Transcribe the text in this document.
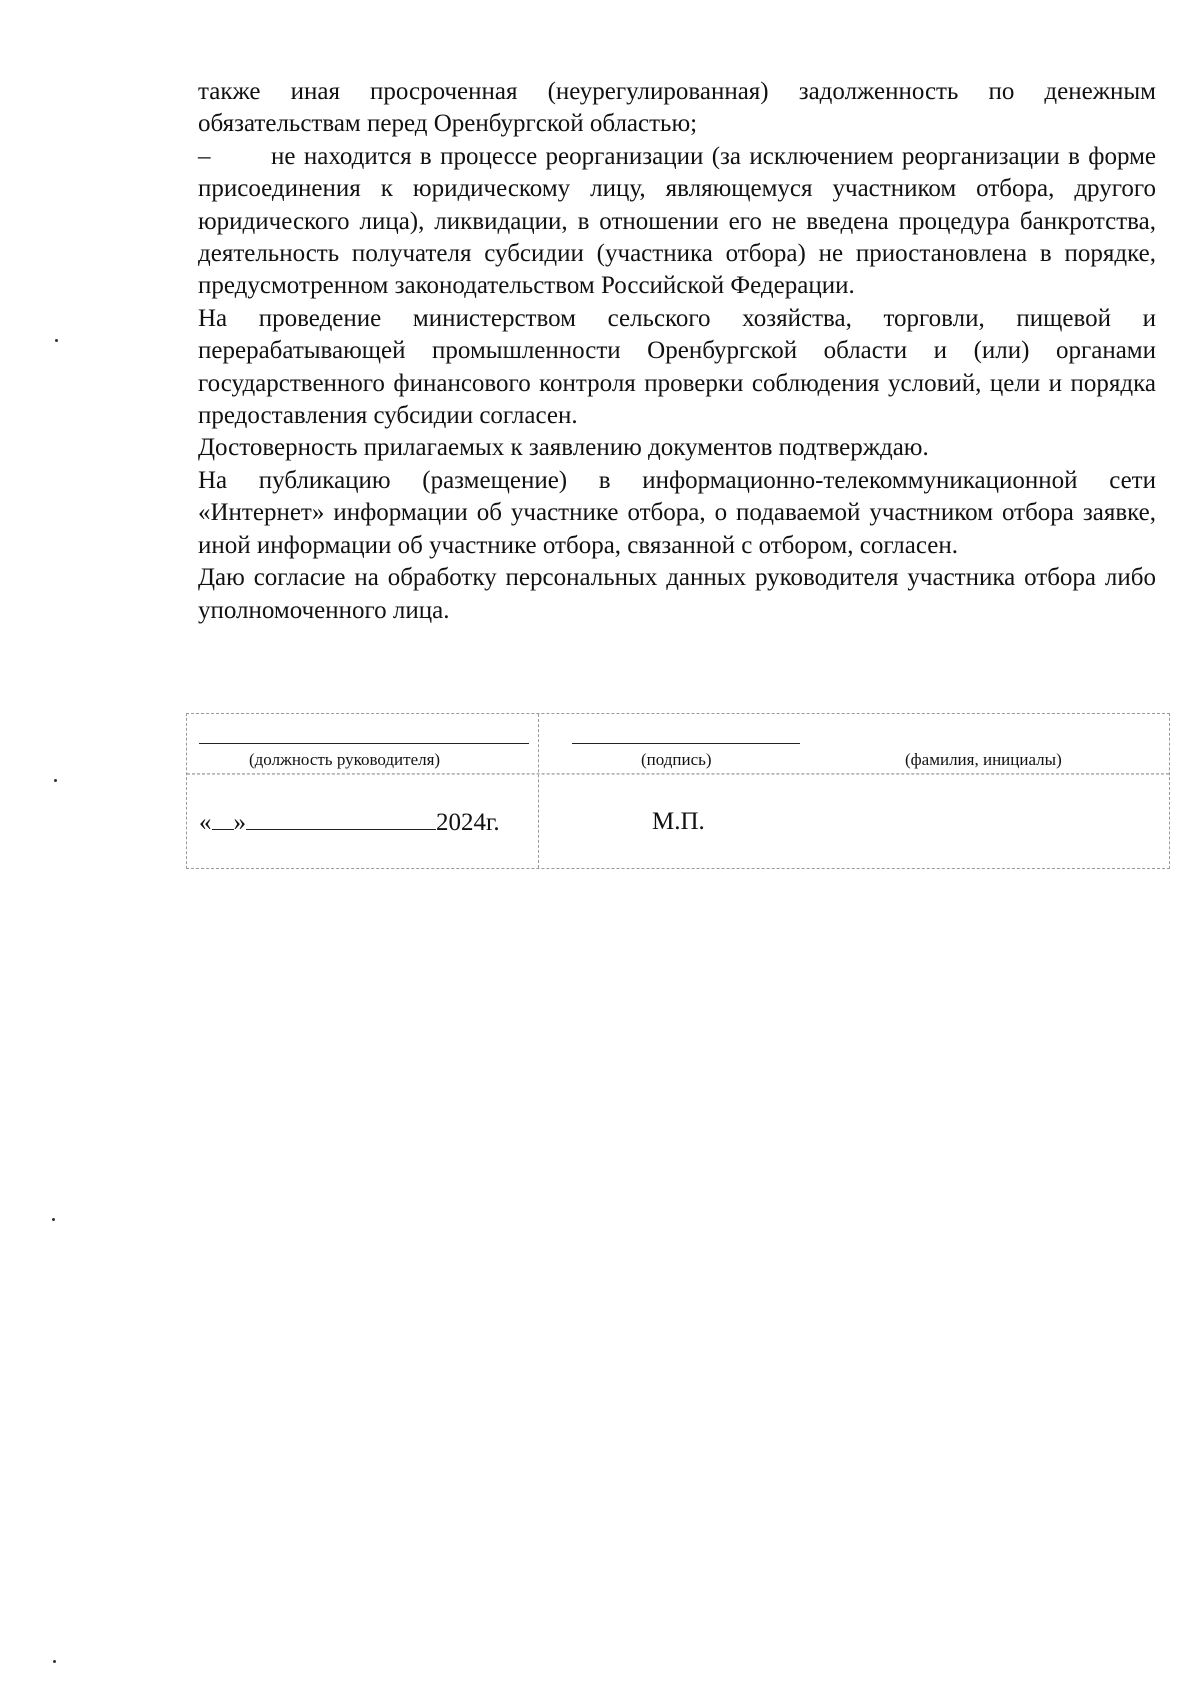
также иная просроченная (неурегулированная) задолженность по денежным обязательствам перед Оренбургской областью;

– не находится в процессе реорганизации (за исключением реорганизации в форме присоединения к юридическому лицу, являющемуся участником отбора, другого юридического лица), ликвидации, в отношении его не введена процедура банкротства, деятельность получателя субсидии (участника отбора) не приостановлена в порядке, предусмотренном законодательством Российской Федерации.

На проведение министерством сельского хозяйства, торговли, пищевой и перерабатывающей промышленности Оренбургской области и (или) органами государственного финансового контроля проверки соблюдения условий, цели и порядка предоставления субсидии согласен.

Достоверность прилагаемых к заявлению документов подтверждаю.

На публикацию (размещение) в информационно-телекоммуникационной сети «Интернет» информации об участнике отбора, о подаваемой участником отбора заявке, иной информации об участнике отбора, связанной с отбором, согласен.

Даю согласие на обработку персональных данных руководителя участника отбора либо уполномоченного лица.

(должность руководителя)	(подпись)	(фамилия, инициалы)
« »	2024г.	М.П.
